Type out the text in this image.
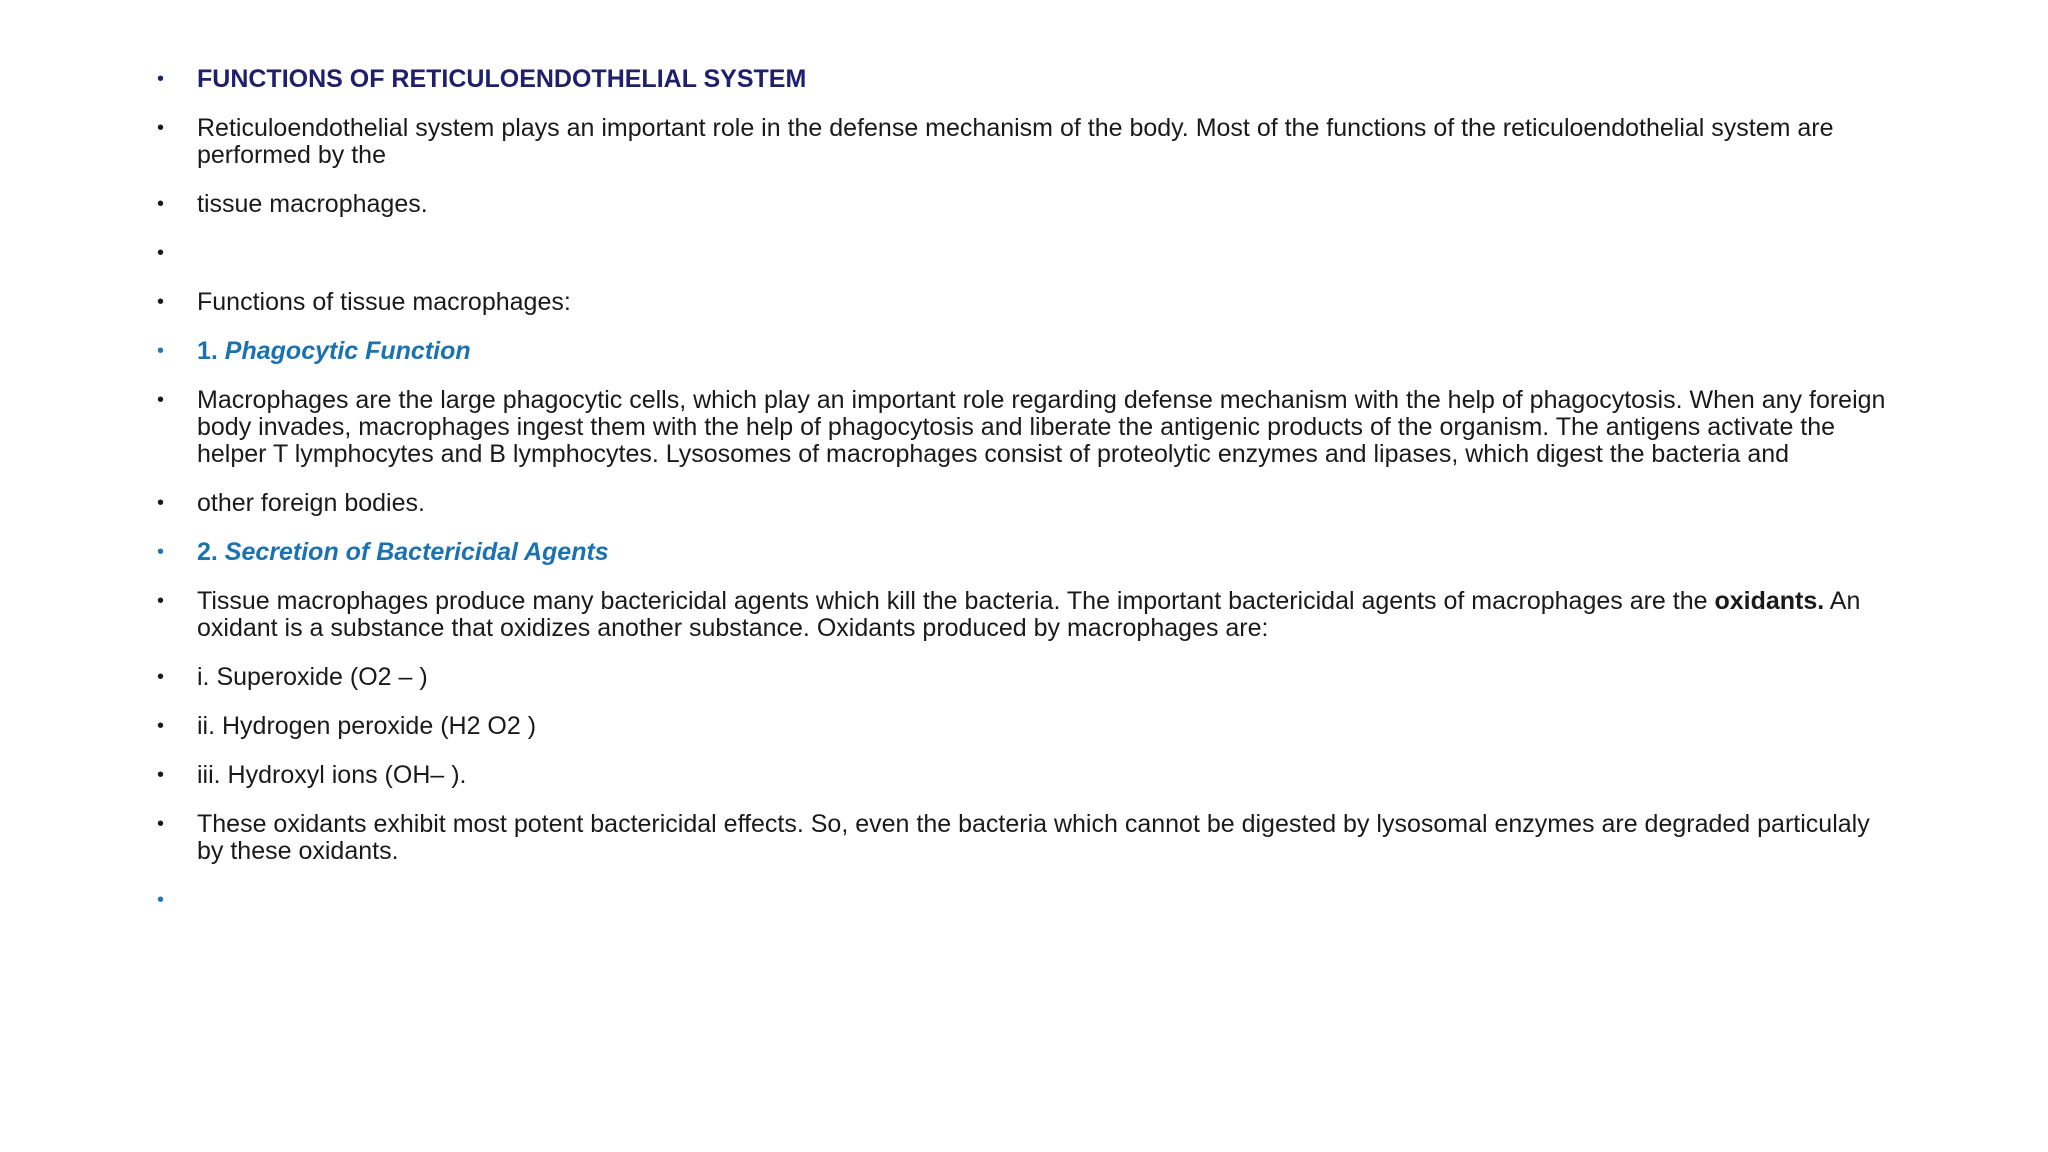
•	FUNCTIONS OF RETICULOENDOTHELIAL SYSTEM
•	Reticuloendothelial system plays an important role in the defense mechanism of the body. Most of the functions of the reticuloendothelial system are performed by the
•	tissue macrophages.
•
•	Functions of tissue macrophages:
•	1. Phagocytic Function
•	Macrophages are the large phagocytic cells, which play an important role regarding defense mechanism with the help of phagocytosis. When any foreign body invades, macrophages ingest them with the help of phagocytosis and liberate the antigenic products of the organism. The antigens activate the helper T lymphocytes and B lymphocytes. Lysosomes of macrophages consist of proteolytic enzymes and lipases, which digest the bacteria and
•	other foreign bodies.
•	2. Secretion of Bactericidal Agents
•	Tissue macrophages produce many bactericidal agents which kill the bacteria. The important bactericidal agents of macrophages are the oxidants. An oxidant is a substance that oxidizes another substance. Oxidants produced by macrophages are:
•	i. Superoxide (O2 – )
•	ii. Hydrogen peroxide (H2 O2 )
•	iii. Hydroxyl ions (OH– ).
•	These oxidants exhibit most potent bactericidal effects. So, even the bacteria which cannot be digested by lysosomal enzymes are degraded particulaly by these oxidants.
•
